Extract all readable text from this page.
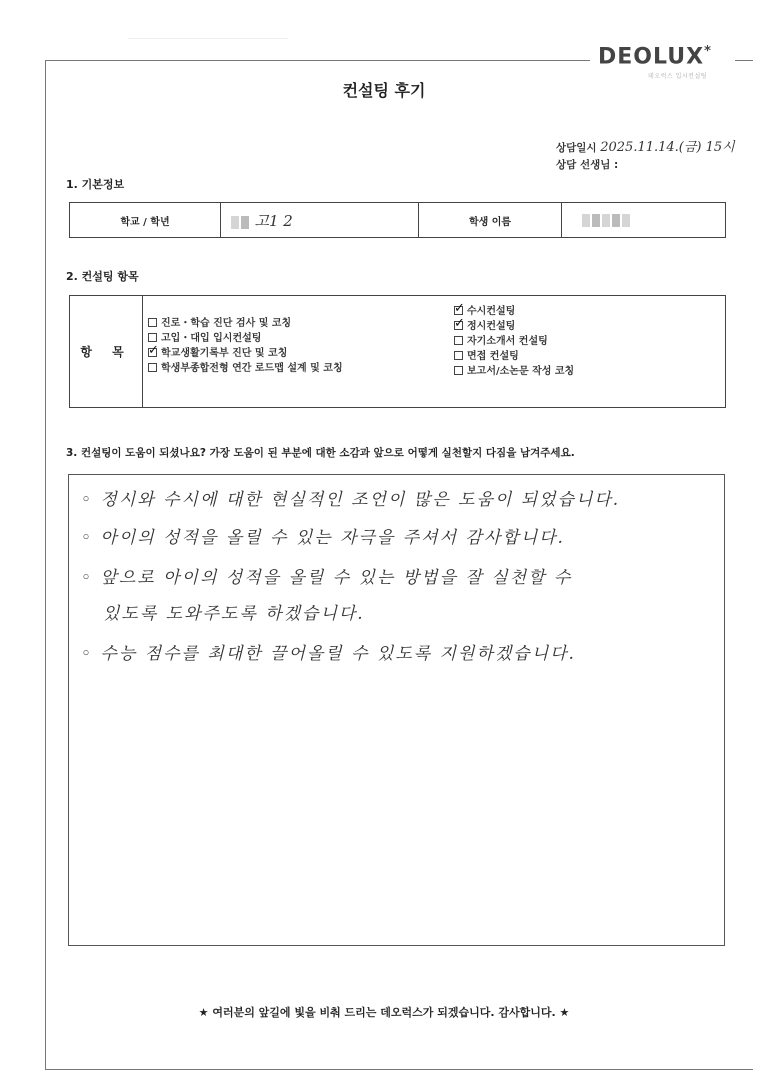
DEOLUX*
데오럭스 입시컨설팅
컨설팅 후기
상담일시 2025.11.14.(금) 15시
상담 선생님 :
1. 기본정보
학교 / 학년	고1 2	학생 이름	
2. 컨설팅 항목
항 목
진로・학습 진단 검사 및 코칭
고입・대입 입시컨설팅
✓학교생활기록부 진단 및 코칭
학생부종합전형 연간 로드맵 설계 및 코칭
✓수시컨설팅
✓정시컨설팅
자기소개서 컨설팅
면접 컨설팅
보고서/소논문 작성 코칭
3. 컨설팅이 도움이 되셨나요? 가장 도움이 된 부분에 대한 소감과 앞으로 어떻게 실천할지 다짐을 남겨주세요.
◦ 정시와 수시에 대한 현실적인 조언이 많은 도움이 되었습니다.
◦ 아이의 성적을 올릴 수 있는 자극을 주셔서 감사합니다.
◦ 앞으로 아이의 성적을 올릴 수 있는 방법을 잘 실천할 수
있도록 도와주도록 하겠습니다.
◦ 수능 점수를 최대한 끌어올릴 수 있도록 지원하겠습니다.
★ 여러분의 앞길에 빛을 비춰 드리는 데오럭스가 되겠습니다. 감사합니다. ★
